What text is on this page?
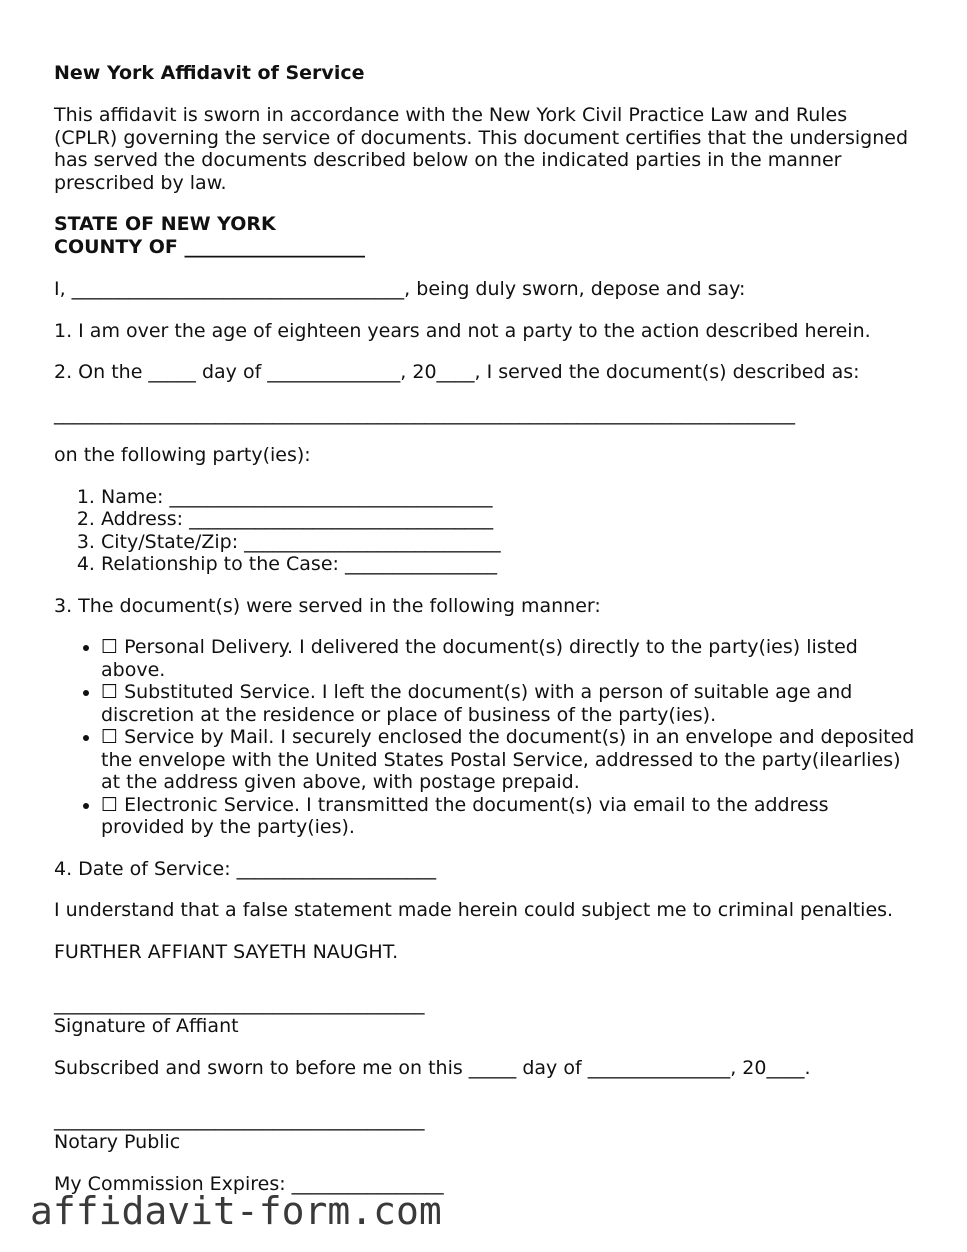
New York Affidavit of Service

This affidavit is sworn in accordance with the New York Civil Practice Law and Rules (CPLR) governing the service of documents. This document certifies that the undersigned has served the documents described below on the indicated parties in the manner prescribed by law.

STATE OF NEW YORK
COUNTY OF ___________________

I, ___________________________________, being duly sworn, depose and say:

1. I am over the age of eighteen years and not a party to the action described herein.

2. On the _____ day of ______________, 20____, I served the document(s) described as:

______________________________________________________________________________

on the following party(ies):

1. Name: __________________________________
2. Address: ________________________________
3. City/State/Zip: ___________________________
4. Relationship to the Case: ________________

3. The document(s) were served in the following manner:

• ☐ Personal Delivery. I delivered the document(s) directly to the party(ies) listed above.
• ☐ Substituted Service. I left the document(s) with a person of suitable age and discretion at the residence or place of business of the party(ies).
• ☐ Service by Mail. I securely enclosed the document(s) in an envelope and deposited the envelope with the United States Postal Service, addressed to the party(ilearlies) at the address given above, with postage prepaid.
• ☐ Electronic Service. I transmitted the document(s) via email to the address provided by the party(ies).

4. Date of Service: _____________________

I understand that a false statement made herein could subject me to criminal penalties.

FURTHER AFFIANT SAYETH NAUGHT.

_______________________________________

Signature of Affiant

Subscribed and sworn to before me on this _____ day of _______________, 20____.

_______________________________________

Notary Public

My Commission Expires: ________________

affidavit-form.com
